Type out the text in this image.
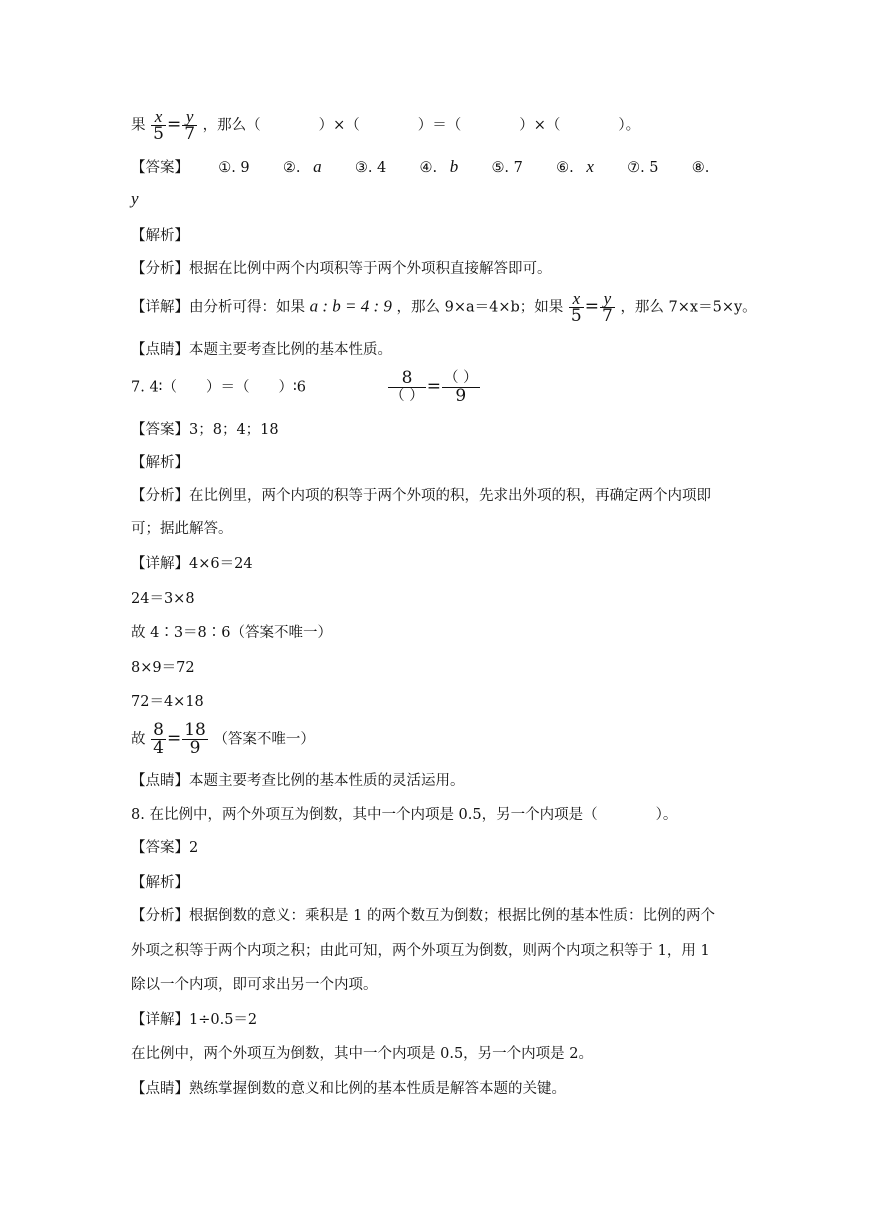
果 $\frac{x}{5} = \frac{y}{7}$ ，那么（　　　　）×（　　　　）＝（　　　　）×（　　　　）。
【答案】 ①. 9 ②. a ③. 4 ④. b ⑤. 7 ⑥. x ⑦. 5 ⑧.
y
【解析】
【分析】根据在比例中两个内项积等于两个外项积直接解答即可。
【详解】由分析可得：如果 a : b = 4 : 9 ，那么 9×a＝4×b；如果 $\frac{x}{5} = \frac{y}{7}$ ，那么 7×x＝5×y。
【点睛】本题主要考查比例的基本性质。
7. 4∶（　　）＝（　　）∶6	$\frac{8}{( )} = \frac{( )}{9}$
【答案】3；8；4；18
【解析】
【分析】在比例里，两个内项的积等于两个外项的积，先求出外项的积，再确定两个内项即
可；据此解答。
【详解】4×6＝24
24＝3×8
故 4∶3＝8∶6（答案不唯一）
8×9＝72
72＝4×18
故 $\frac{8}{4} = \frac{18}{9}$ （答案不唯一）
【点睛】本题主要考查比例的基本性质的灵活运用。
8. 在比例中，两个外项互为倒数，其中一个内项是 0.5，另一个内项是（　　　　）。
【答案】2
【解析】
【分析】根据倒数的意义：乘积是 1 的两个数互为倒数；根据比例的基本性质：比例的两个
外项之积等于两个内项之积；由此可知，两个外项互为倒数，则两个内项之积等于 1，用 1
除以一个内项，即可求出另一个内项。
【详解】1÷0.5＝2
在比例中，两个外项互为倒数，其中一个内项是 0.5，另一个内项是 2。
【点睛】熟练掌握倒数的意义和比例的基本性质是解答本题的关键。
